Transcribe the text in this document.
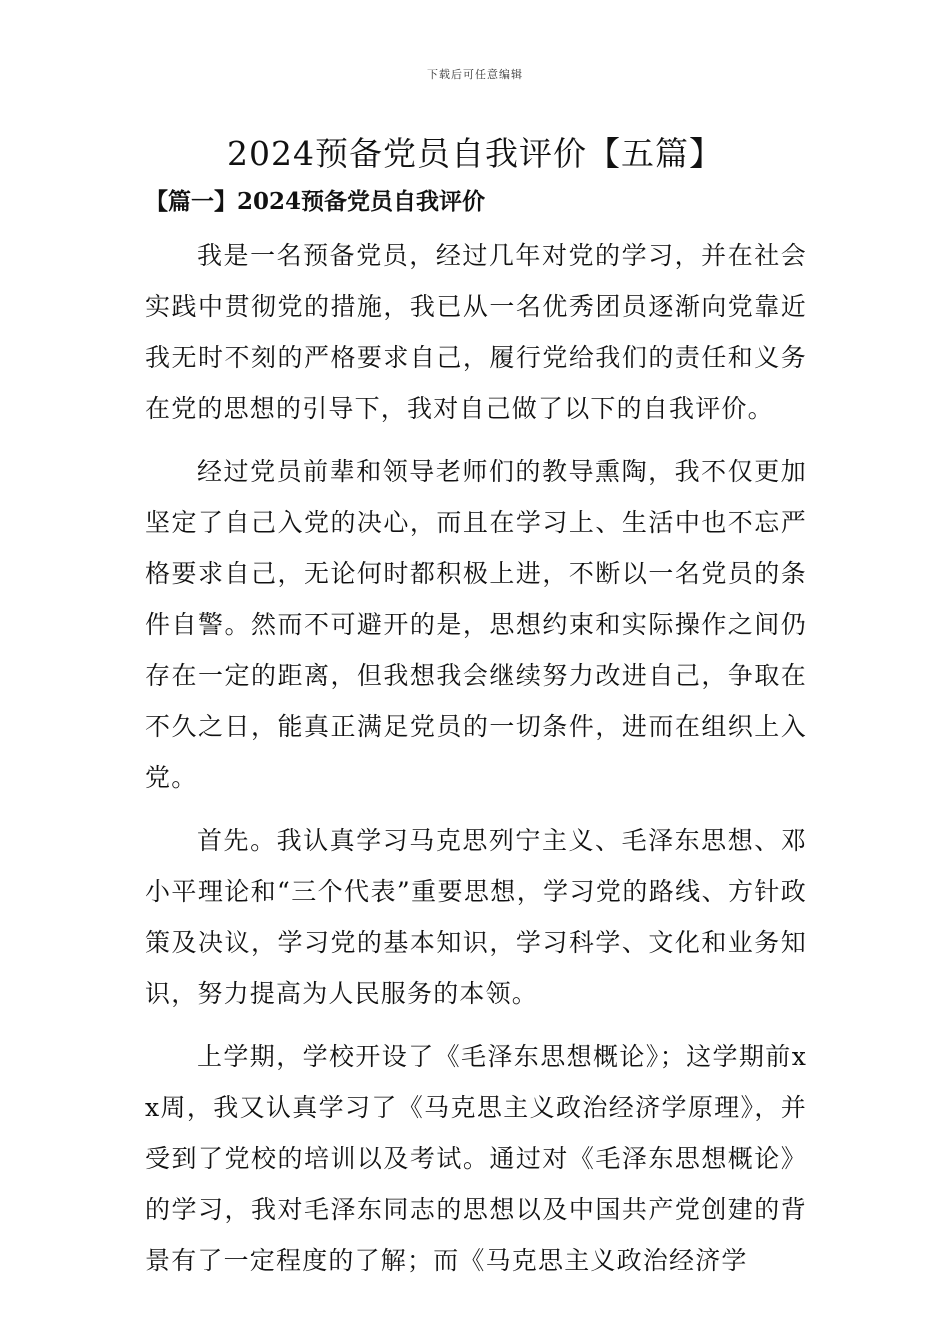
下载后可任意编辑
2024预备党员自我评价【五篇】
【篇一】2024预备党员自我评价

我是一名预备党员，经过几年对党的学习，并在社会实践中贯彻党的措施，我已从一名优秀团员逐渐向党靠近我无时不刻的严格要求自己，履行党给我们的责任和义务在党的思想的引导下，我对自己做了以下的自我评价。

经过党员前辈和领导老师们的教导熏陶，我不仅更加坚定了自己入党的决心，而且在学习上、生活中也不忘严格要求自己，无论何时都积极上进，不断以一名党员的条件自警。然而不可避开的是，思想约束和实际操作之间仍存在一定的距离，但我想我会继续努力改进自己，争取在不久之日，能真正满足党员的一切条件，进而在组织上入党。

首先。我认真学习马克思列宁主义、毛泽东思想、邓小平理论和“三个代表”重要思想，学习党的路线、方针政策及决议，学习党的基本知识，学习科学、文化和业务知识，努力提高为人民服务的本领。

上学期，学校开设了《毛泽东思想概论》；这学期前xx周，我又认真学习了《马克思主义政治经济学原理》，并受到了党校的培训以及考试。通过对《毛泽东思想概论》的学习，我对毛泽东同志的思想以及中国共产党创建的背景有了一定程度的了解；而《马克思主义政治经济学
